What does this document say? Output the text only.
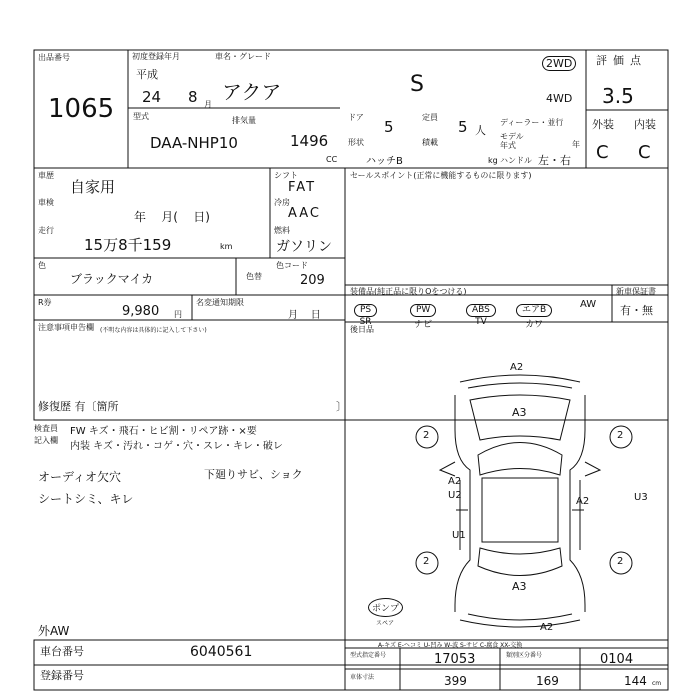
出品番号
1065
初度登録年月	車名・グレード
平成
24 8 月
アクア	S
2WD
4WD
型式
DAA-NHP10
排気量
1496
CC
ドア
5
定員
5 人
形状
ハッチB
積載
kg
ディーラー・並行
モデル年式	年
ハンドル 左・右
評価点
3.5
外装 内装
C C
車歴
自家用
車検
年    月(    日)
走行
15万8千159	km
シフト
FAT
冷房
AAC
燃料
ガソリン
色
ブラックマイカ	色替
色コード
209
R券
9,980 円
名変通知期限
月    日
セールスポイント(正常に機能するものに限ります)
装備品(純正品に限りOをつける)
PS
SR
PW
ナビ
ABS
TV
エアB
カワ
AW
新車保証書
有・無
後日品
注意事項申告欄 (不明な内容は具体的に記入して下さい)
修復歴 有〔箇所	〕
検査員
記入欄
FW キズ・飛石・ヒビ割・リペア跡・×要
内装 キズ・汚れ・コゲ・穴・スレ・キレ・破レ
オーディオ欠穴
シートシミ、キレ
下廻りサビ、ショク
外AW
A2
A3
2	2
2	2
A2
U2
A2
U1
U3
A3
A2
ポンプ
スペア
A-キズ E-ヘコミ U-凹み W-波 S-サビ C-腐食 XX-交換
車台番号	6040561
登録番号
型式指定番号	17053	類別区分番号	0104
車体寸法	399	169	144 cm
